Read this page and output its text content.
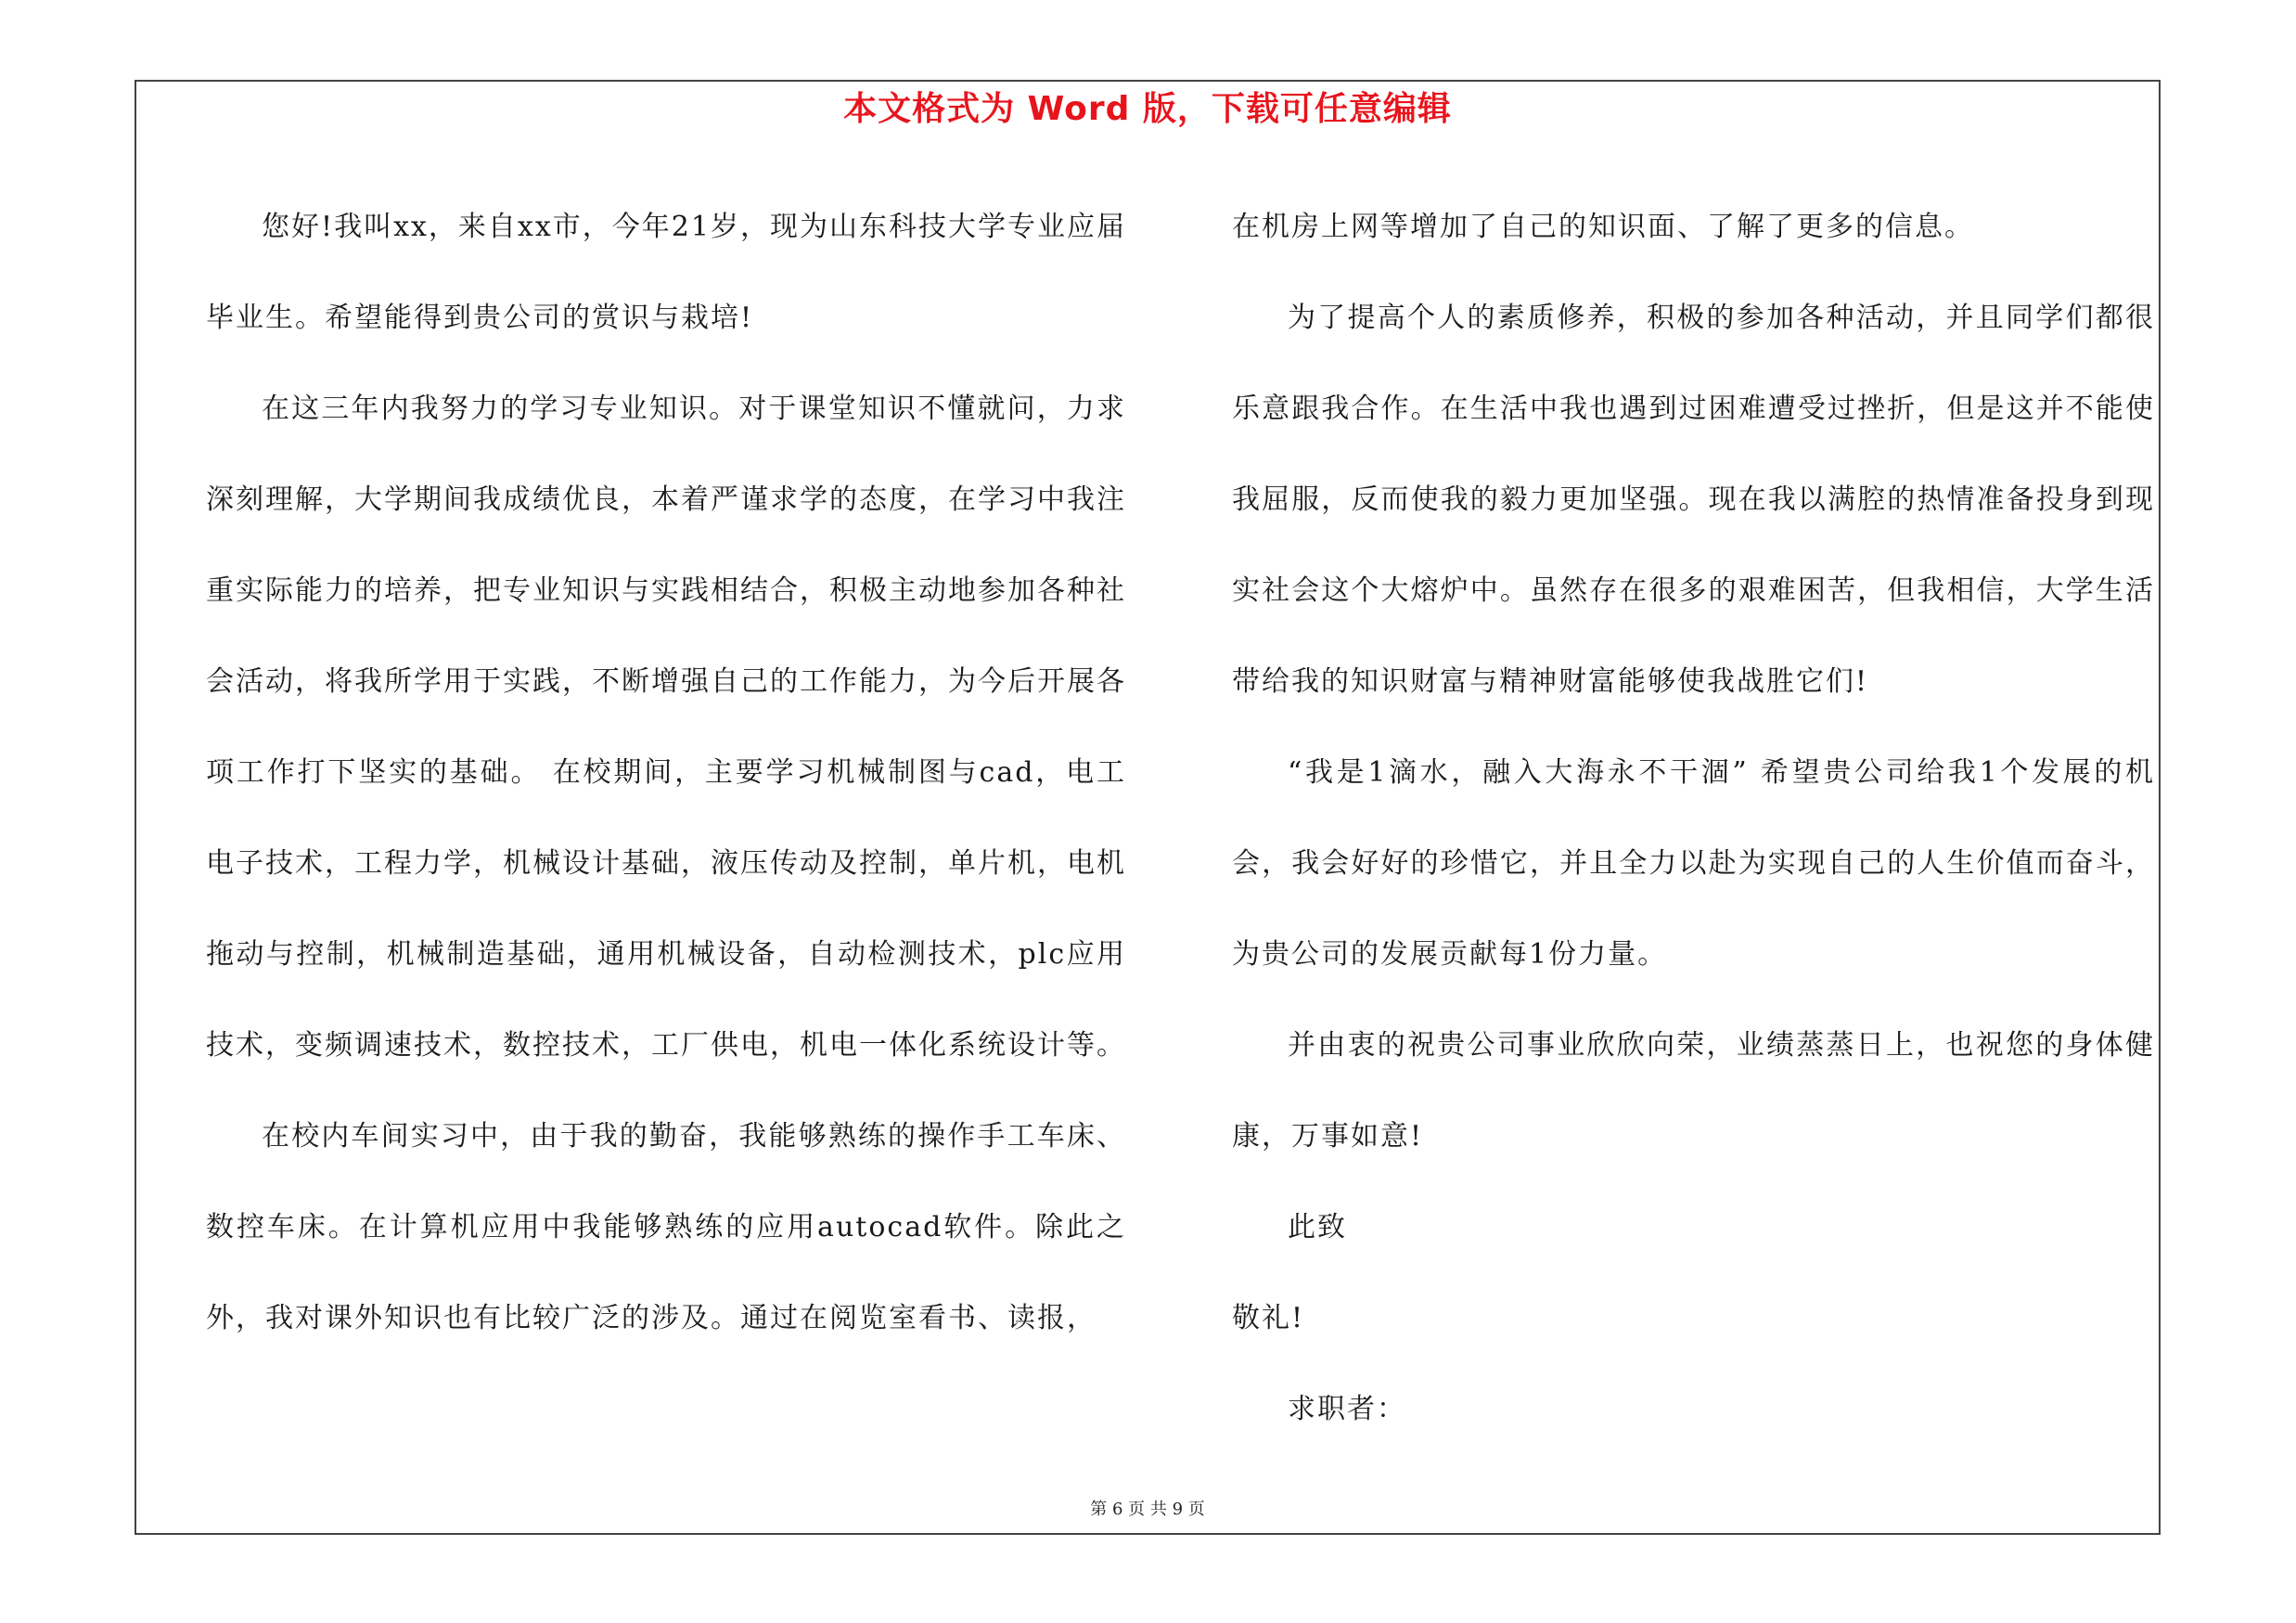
本文格式为 Word 版，下载可任意编辑

您好!我叫xx，来自xx市，今年21岁，现为山东科技大学专业应届毕业生。希望能得到贵公司的赏识与栽培!

在这三年内我努力的学习专业知识。对于课堂知识不懂就问，力求深刻理解，大学期间我成绩优良，本着严谨求学的态度，在学习中我注重实际能力的培养，把专业知识与实践相结合，积极主动地参加各种社会活动，将我所学用于实践，不断增强自己的工作能力，为今后开展各项工作打下坚实的基础。 在校期间，主要学习机械制图与cad，电工电子技术，工程力学，机械设计基础，液压传动及控制，单片机，电机拖动与控制，机械制造基础，通用机械设备，自动检测技术，plc应用技术，变频调速技术，数控技术，工厂供电，机电一体化系统设计等。

在校内车间实习中，由于我的勤奋，我能够熟练的操作手工车床、数控车床。在计算机应用中我能够熟练的应用autocad软件。除此之外，我对课外知识也有比较广泛的涉及。通过在阅览室看书、读报，

在机房上网等增加了自己的知识面、了解了更多的信息。

为了提高个人的素质修养，积极的参加各种活动，并且同学们都很乐意跟我合作。在生活中我也遇到过困难遭受过挫折，但是这并不能使我屈服，反而使我的毅力更加坚强。现在我以满腔的热情准备投身到现实社会这个大熔炉中。虽然存在很多的艰难困苦，但我相信，大学生活带给我的知识财富与精神财富能够使我战胜它们!

“我是1滴水，融入大海永不干涸” 希望贵公司给我1个发展的机会，我会好好的珍惜它，并且全力以赴为实现自己的人生价值而奋斗，为贵公司的发展贡献每1份力量。

并由衷的祝贵公司事业欣欣向荣，业绩蒸蒸日上，也祝您的身体健康，万事如意!

此致

敬礼!

求职者：

第 6 页 共 9 页
